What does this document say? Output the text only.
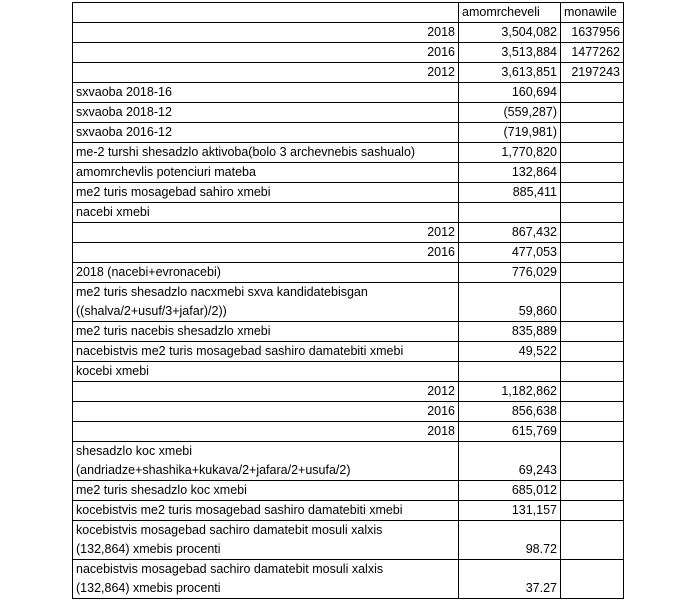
	amomrcheveli	monawile
2018	3,504,082	1637956
2016	3,513,884	1477262
2012	3,613,851	2197243
sxvaoba 2018-16	160,694	
sxvaoba 2018-12	(559,287)	
sxvaoba 2016-12	(719,981)	
me-2 turshi shesadzlo aktivoba(bolo 3 archevnebis sashualo)	1,770,820	
amomrchevlis potenciuri mateba	132,864	
me2 turis mosagebad sahiro xmebi	885,411	
nacebi xmebi		
2012	867,432	
2016	477,053	
2018 (nacebi+evronacebi)	776,029	

me2 turis shesadzlo nacxmebi sxva kandidatebisgan
((shalva/2+usuf/3+jafar)/2))	59,860	
me2 turis nacebis shesadzlo xmebi	835,889	
nacebistvis me2 turis mosagebad sashiro damatebiti xmebi	49,522	
kocebi xmebi		
2012	1,182,862	
2016	856,638	
2018	615,769	

shesadzlo koc xmebi
(andriadze+shashika+kukava/2+jafara/2+usufa/2)	69,243	
me2 turis shesadzlo koc xmebi	685,012	
kocebistvis me2 turis mosagebad sashiro damatebiti xmebi	131,157	

kocebistvis mosagebad sachiro damatebit mosuli xalxis
(132,864) xmebis procenti	98.72	

nacebistvis mosagebad sachiro damatebit mosuli xalxis
(132,864) xmebis procenti	37.27	
